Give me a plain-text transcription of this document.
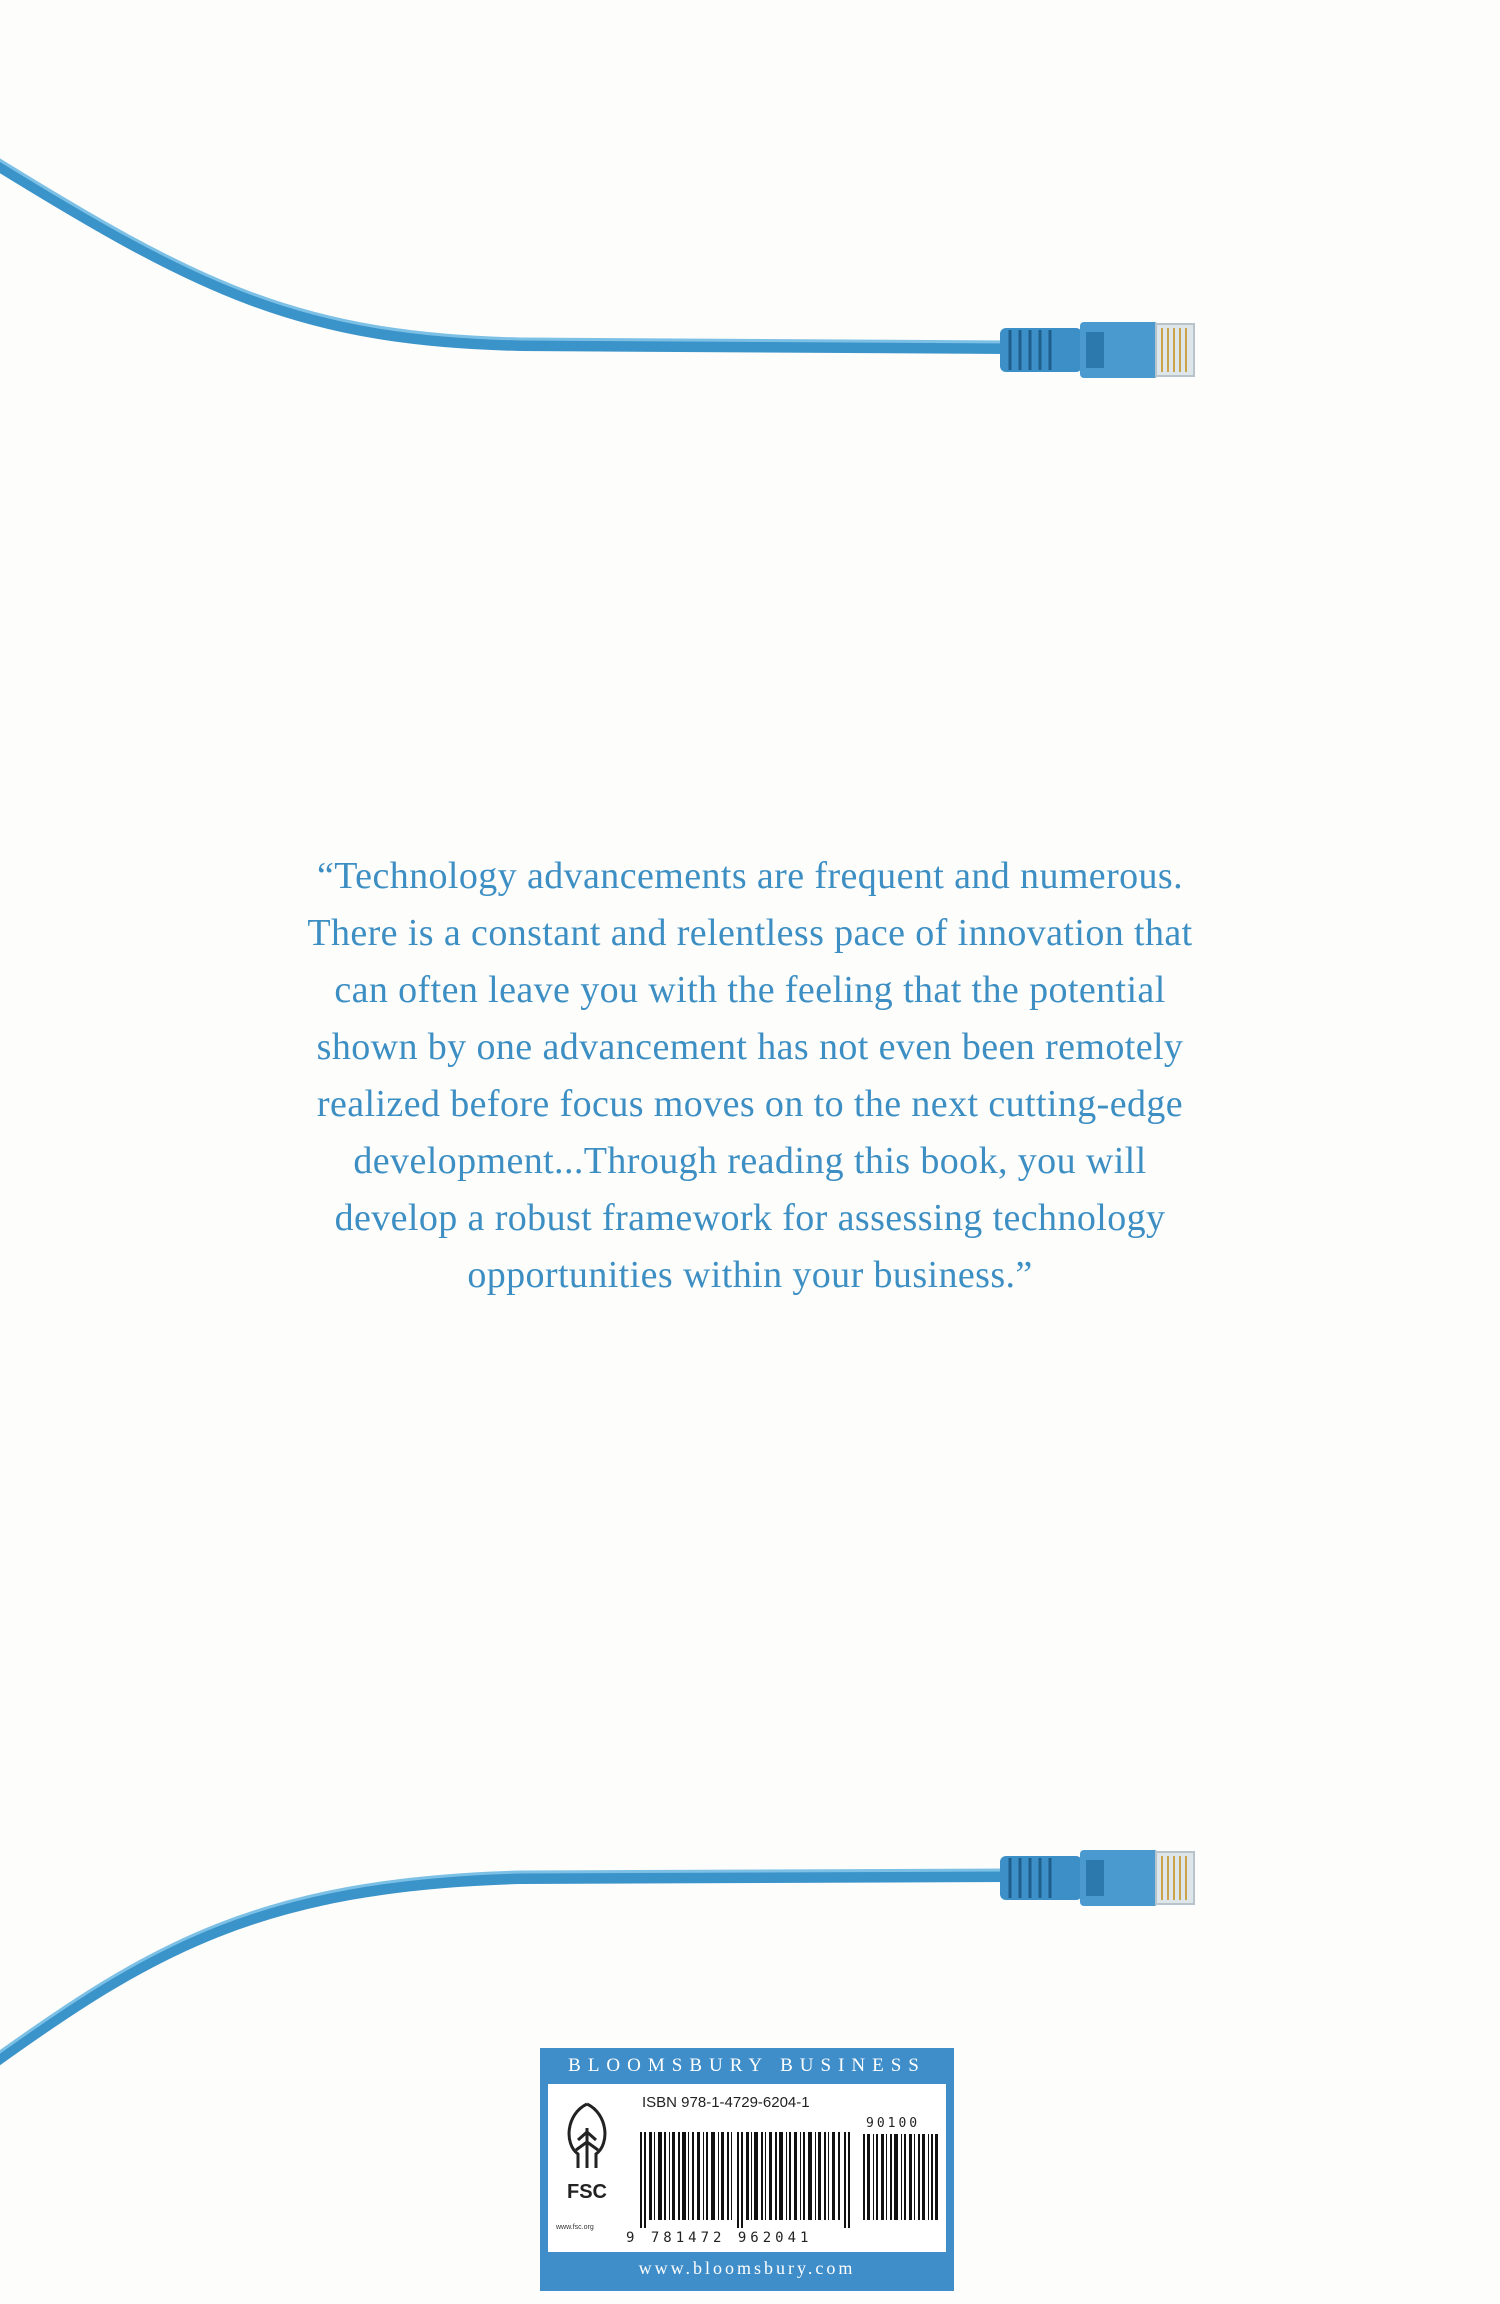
“Technology advancements are frequent and numerous.
There is a constant and relentless pace of innovation that
can often leave you with the feeling that the potential
shown by one advancement has not even been remotely
realized before focus moves on to the next cutting-edge
development...Through reading this book, you will
develop a robust framework for assessing technology
opportunities within your business.”
BLOOMSBURY BUSINESS
FSC
www.fsc.org
ISBN 978-1-4729-6204-1
90100
9 781472 962041
www.bloomsbury.com
